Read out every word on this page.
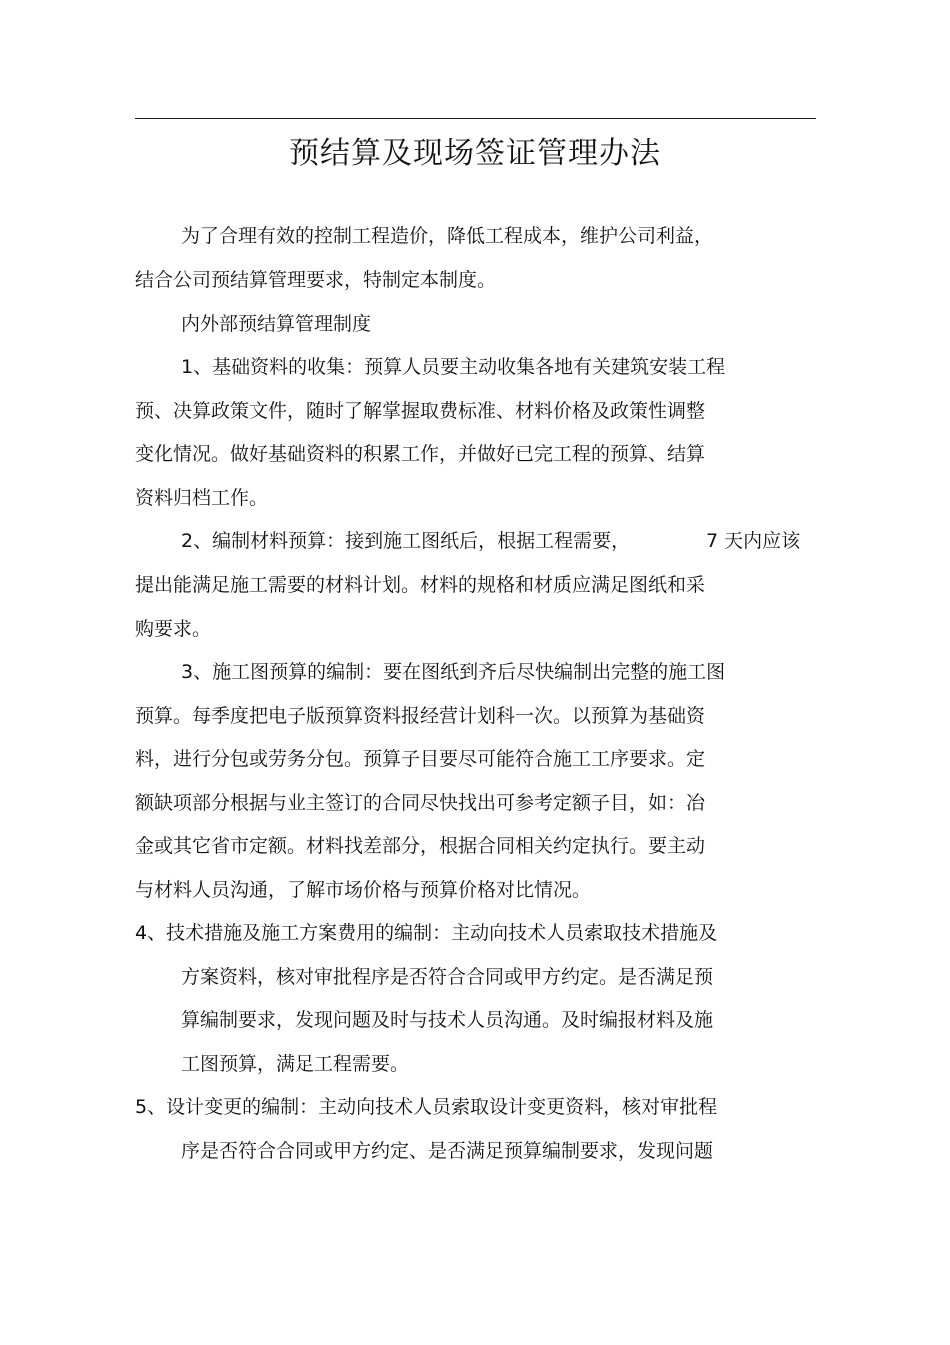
预结算及现场签证管理办法
为了合理有效的控制工程造价，降低工程成本，维护公司利益，
结合公司预结算管理要求，特制定本制度。
内外部预结算管理制度
1、基础资料的收集：预算人员要主动收集各地有关建筑安装工程
预、决算政策文件，随时了解掌握取费标准、材料价格及政策性调整
变化情况。做好基础资料的积累工作，并做好已完工程的预算、结算
资料归档工作。
2、编制材料预算：接到施工图纸后，根据工程需要，	7 天内应该
提出能满足施工需要的材料计划。材料的规格和材质应满足图纸和采
购要求。
3、施工图预算的编制：要在图纸到齐后尽快编制出完整的施工图
预算。每季度把电子版预算资料报经营计划科一次。以预算为基础资
料，进行分包或劳务分包。预算子目要尽可能符合施工工序要求。定
额缺项部分根据与业主签订的合同尽快找出可参考定额子目，如：冶
金或其它省市定额。材料找差部分，根据合同相关约定执行。要主动
与材料人员沟通，了解市场价格与预算价格对比情况。
4、技术措施及施工方案费用的编制：主动向技术人员索取技术措施及
方案资料，核对审批程序是否符合合同或甲方约定。是否满足预
算编制要求，发现问题及时与技术人员沟通。及时编报材料及施
工图预算，满足工程需要。
5、设计变更的编制：主动向技术人员索取设计变更资料，核对审批程
序是否符合合同或甲方约定、是否满足预算编制要求，发现问题
